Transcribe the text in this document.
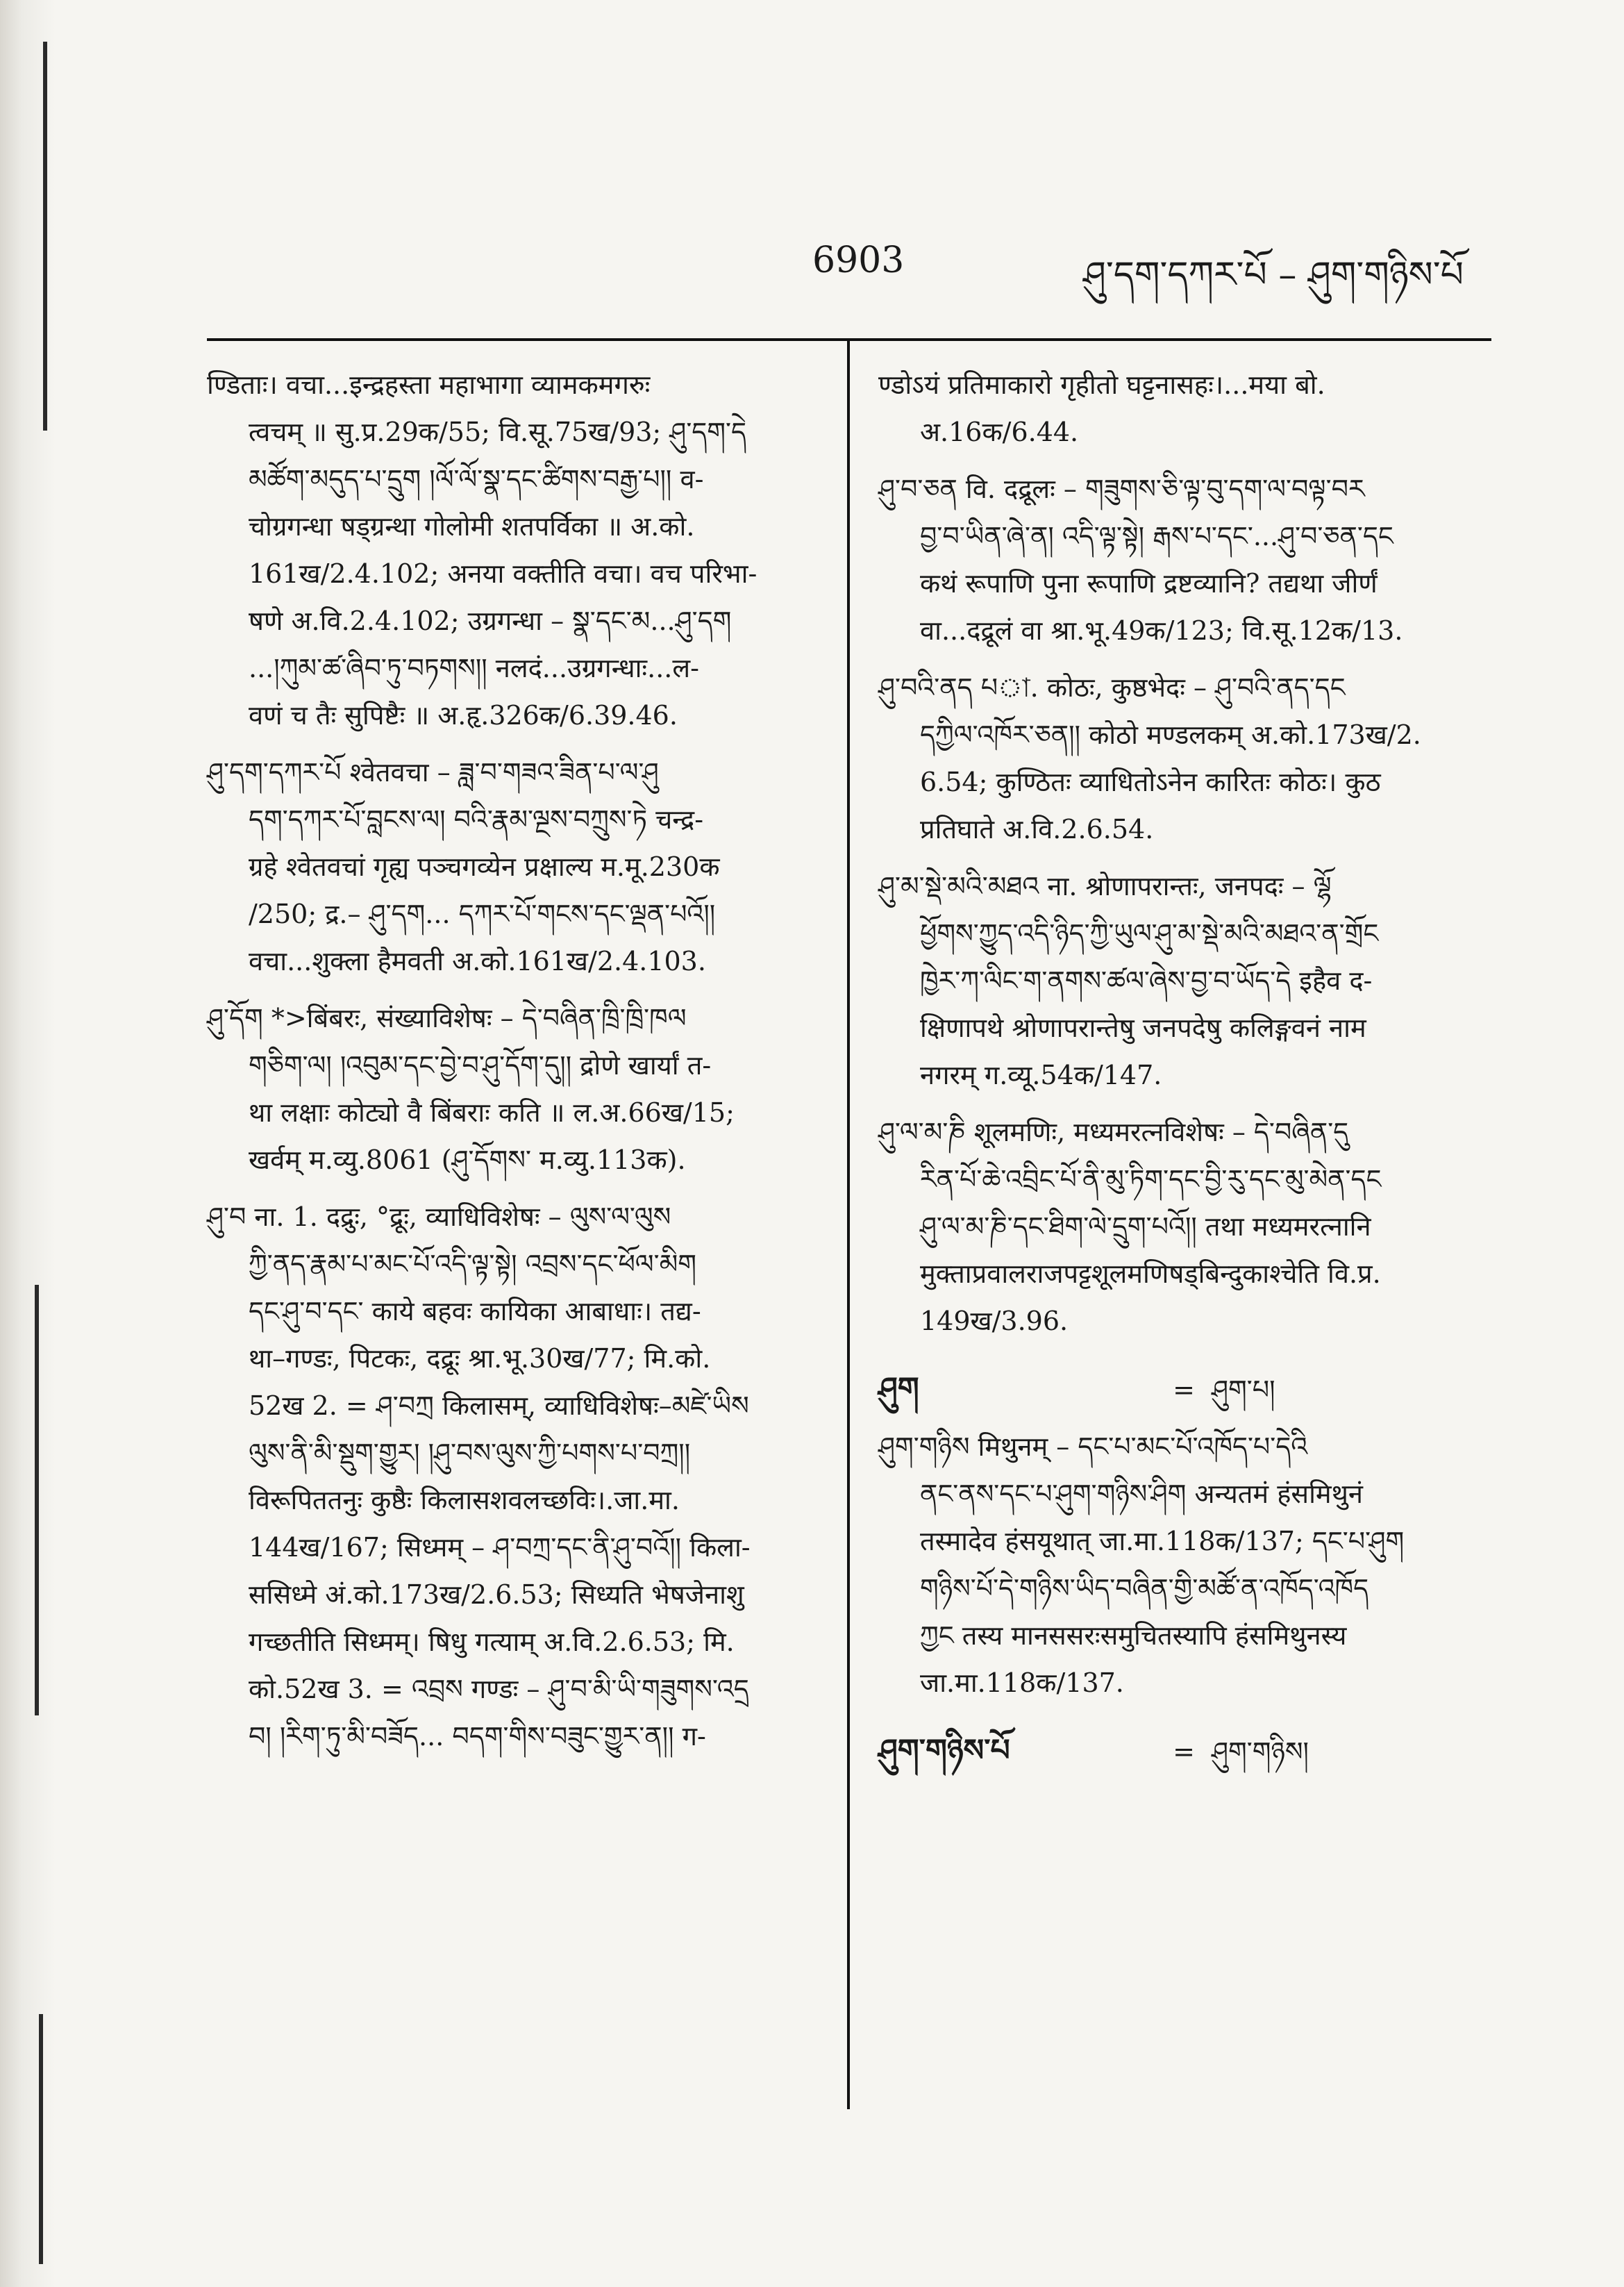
6903	ཤུ་དག་དཀར་པོ – ཤུག་གཉིས་པོ
ण्डिताः। वचा...इन्द्रहस्ता महाभागा व्यामकमगरुः
त्वचम् ॥ सु.प्र.29क/55; वि.सू.75ख/93; ཤུ་དག་དེ
མཚོག་མདུད་པ་དྲུག །ལོ་ལོ་སྣ་དང་ཚིགས་བརྒྱ་པ།། व-
चोग्रगन्धा षड्ग्रन्था गोलोमी शतपर्विका ॥ अ.को.
161ख/2.4.102; अनया वक्तीति वचा। वच परिभा-
षणे अ.वि.2.4.102; उग्रगन्धा – སྣ་དང་མ...ཤུ་དག
...།ཀུམ་ཚ་ཞིབ་ཏུ་བཏགས།། नलदं...उग्रगन्धाः...ल-
वणं च तैः सुपिष्टैः ॥ अ.हृ.326क/6.39.46.
ཤུ་དག་དཀར་པོ श्वेतवचा – ཟླ་བ་གཟའ་ཟིན་པ་ལ་ཤུ
དག་དཀར་པོ་བླངས་ལ། བའི་རྣམ་ལྔས་བཀྲུས་ཏེ चन्द्र-
ग्रहे श्वेतवचां गृह्य पञ्चगव्येन प्रक्षाल्य म.मू.230क
/250; द्र.– ཤུ་དག... དཀར་པོ་གངས་དང་ལྡན་པའོ།།
वचा...शुक्ला हैमवती अ.को.161ख/2.4.103.
ཤུ་དོག *>बिंबरः, संख्याविशेषः – དེ་བཞིན་ཁྲི་ཁྲི་ཁལ
གཅིག་ལ། །འབུམ་དང་བྱེ་བ་ཤུ་དོག་དུ།། द्रोणे खार्यां त-
था लक्षाः कोट्यो वै बिंबराः कति ॥ ल.अ.66ख/15;
खर्वम् म.व्यु.8061 (ཤུ་དོགས་ म.व्यु.113क).
ཤུ་བ ना. 1. दद्रुः, °द्रूः, व्याधिविशेषः – ལུས་ལ་ལུས
ཀྱི་ནད་རྣམ་པ་མང་པོ་འདི་ལྟ་སྟེ། འབྲས་དང་ཕོལ་མིག
དང་ཤུ་བ་དང་ काये बहवः कायिका आबाधाः। तद्य-
था–गण्डः, पिटकः, दद्रूः श्रा.भू.30ख/77; मि.को.
52ख 2. = ཤ་བཀྲ किलासम्, व्याधिविशेषः–མཛེ་ཡིས
ལུས་ནི་མི་སྡུག་གྱུར། །ཤུ་བས་ལུས་ཀྱི་པགས་པ་བཀྲ།།
विरूपिततनुः कुष्ठैः किलासशवलच्छविः।.जा.मा.
144ख/167; सिध्मम् – ཤ་བཀྲ་དང་ནི་ཤུ་བའོ།། किला-
ससिध्मे अं.को.173ख/2.6.53; सिध्यति भेषजेनाशु
गच्छतीति सिध्मम्। षिधु गत्याम् अ.वि.2.6.53; मि.
को.52ख 3. = འབྲས गण्डः – ཤུ་བ་མི་ཡི་གཟུགས་འདྲ
བ། །རིག་ཏུ་མི་བཟོད... བདག་གིས་བཟུང་གྱུར་ན།། ग-
ण्डोऽयं प्रतिमाकारो गृहीतो घट्टनासहः।...मया बो.
अ.16क/6.44.
ཤུ་བ་ཅན वि. दद्रूलः – གཟུགས་ཅི་ལྟ་བུ་དག་ལ་བལྟ་བར
བྱ་བ་ཡིན་ཞེ་ན། འདི་ལྟ་སྟེ། རྒས་པ་དང་...ཤུ་བ་ཅན་དང
कथं रूपाणि पुना रूपाणि द्रष्टव्यानि? तद्यथा जीर्णं
वा...दद्रूलं वा श्रा.भू.49क/123; वि.सू.12क/13.
ཤུ་བའི་ནད པা. कोठः, कुष्ठभेदः – ཤུ་བའི་ནད་དང
དཀྱིལ་འཁོར་ཅན།། कोठो मण्डलकम् अ.को.173ख/2.
6.54; कुण्ठितः व्याधितोऽनेन कारितः कोठः। कुठ
प्रतिघाते अ.वि.2.6.54.
ཤུ་མ་སྡེ་མའི་མཐའ ना. श्रोणापरान्तः, जनपदः – ལྷོ
ཕྱོགས་ཀྱུད་འདི་ཉིད་ཀྱི་ཡུལ་ཤུ་མ་སྡེ་མའི་མཐའ་ན་གྲོང
ཁྱེར་ཀ་ལིང་ག་ནགས་ཚལ་ཞེས་བྱ་བ་ཡོད་དེ इहैव द-
क्षिणापथे श्रोणापरान्तेषु जनपदेषु कलिङ्गवनं नाम
नगरम् ग.व्यू.54क/147.
ཤུ་ལ་མ་ཎི शूलमणिः, मध्यमरत्नविशेषः – དེ་བཞིན་དུ
རིན་པོ་ཆེ་འབྲིང་པོ་ནི་མུ་ཏིག་དང་བྱི་རུ་དང་མུ་མེན་དང
ཤུ་ལ་མ་ཎི་དང་ཐིག་ལེ་དྲུག་པའོ།། तथा मध्यमरत्नानि
मुक्ताप्रवालराजपट्टशूलमणिषड्बिन्दुकाश्चेति वि.प्र.
149ख/3.96.
ཤུག	= ཤུག་པ།
ཤུག་གཉིས मिथुनम् – དང་པ་མང་པོ་འཁོད་པ་དེའི
ནང་ནས་དང་པ་ཤུག་གཉིས་ཤིག अन्यतमं हंसमिथुनं
तस्मादेव हंसयूथात् जा.मा.118क/137; དང་པ་ཤུག
གཉིས་པོ་དེ་གཉིས་ཡིད་བཞིན་གྱི་མཚོ་ན་འཁོད་འཁོད
ཀྱང तस्य मानससरःसमुचितस्यापि हंसमिथुनस्य
जा.मा.118क/137.
ཤུག་གཉིས་པོ	= ཤུག་གཉིས།
